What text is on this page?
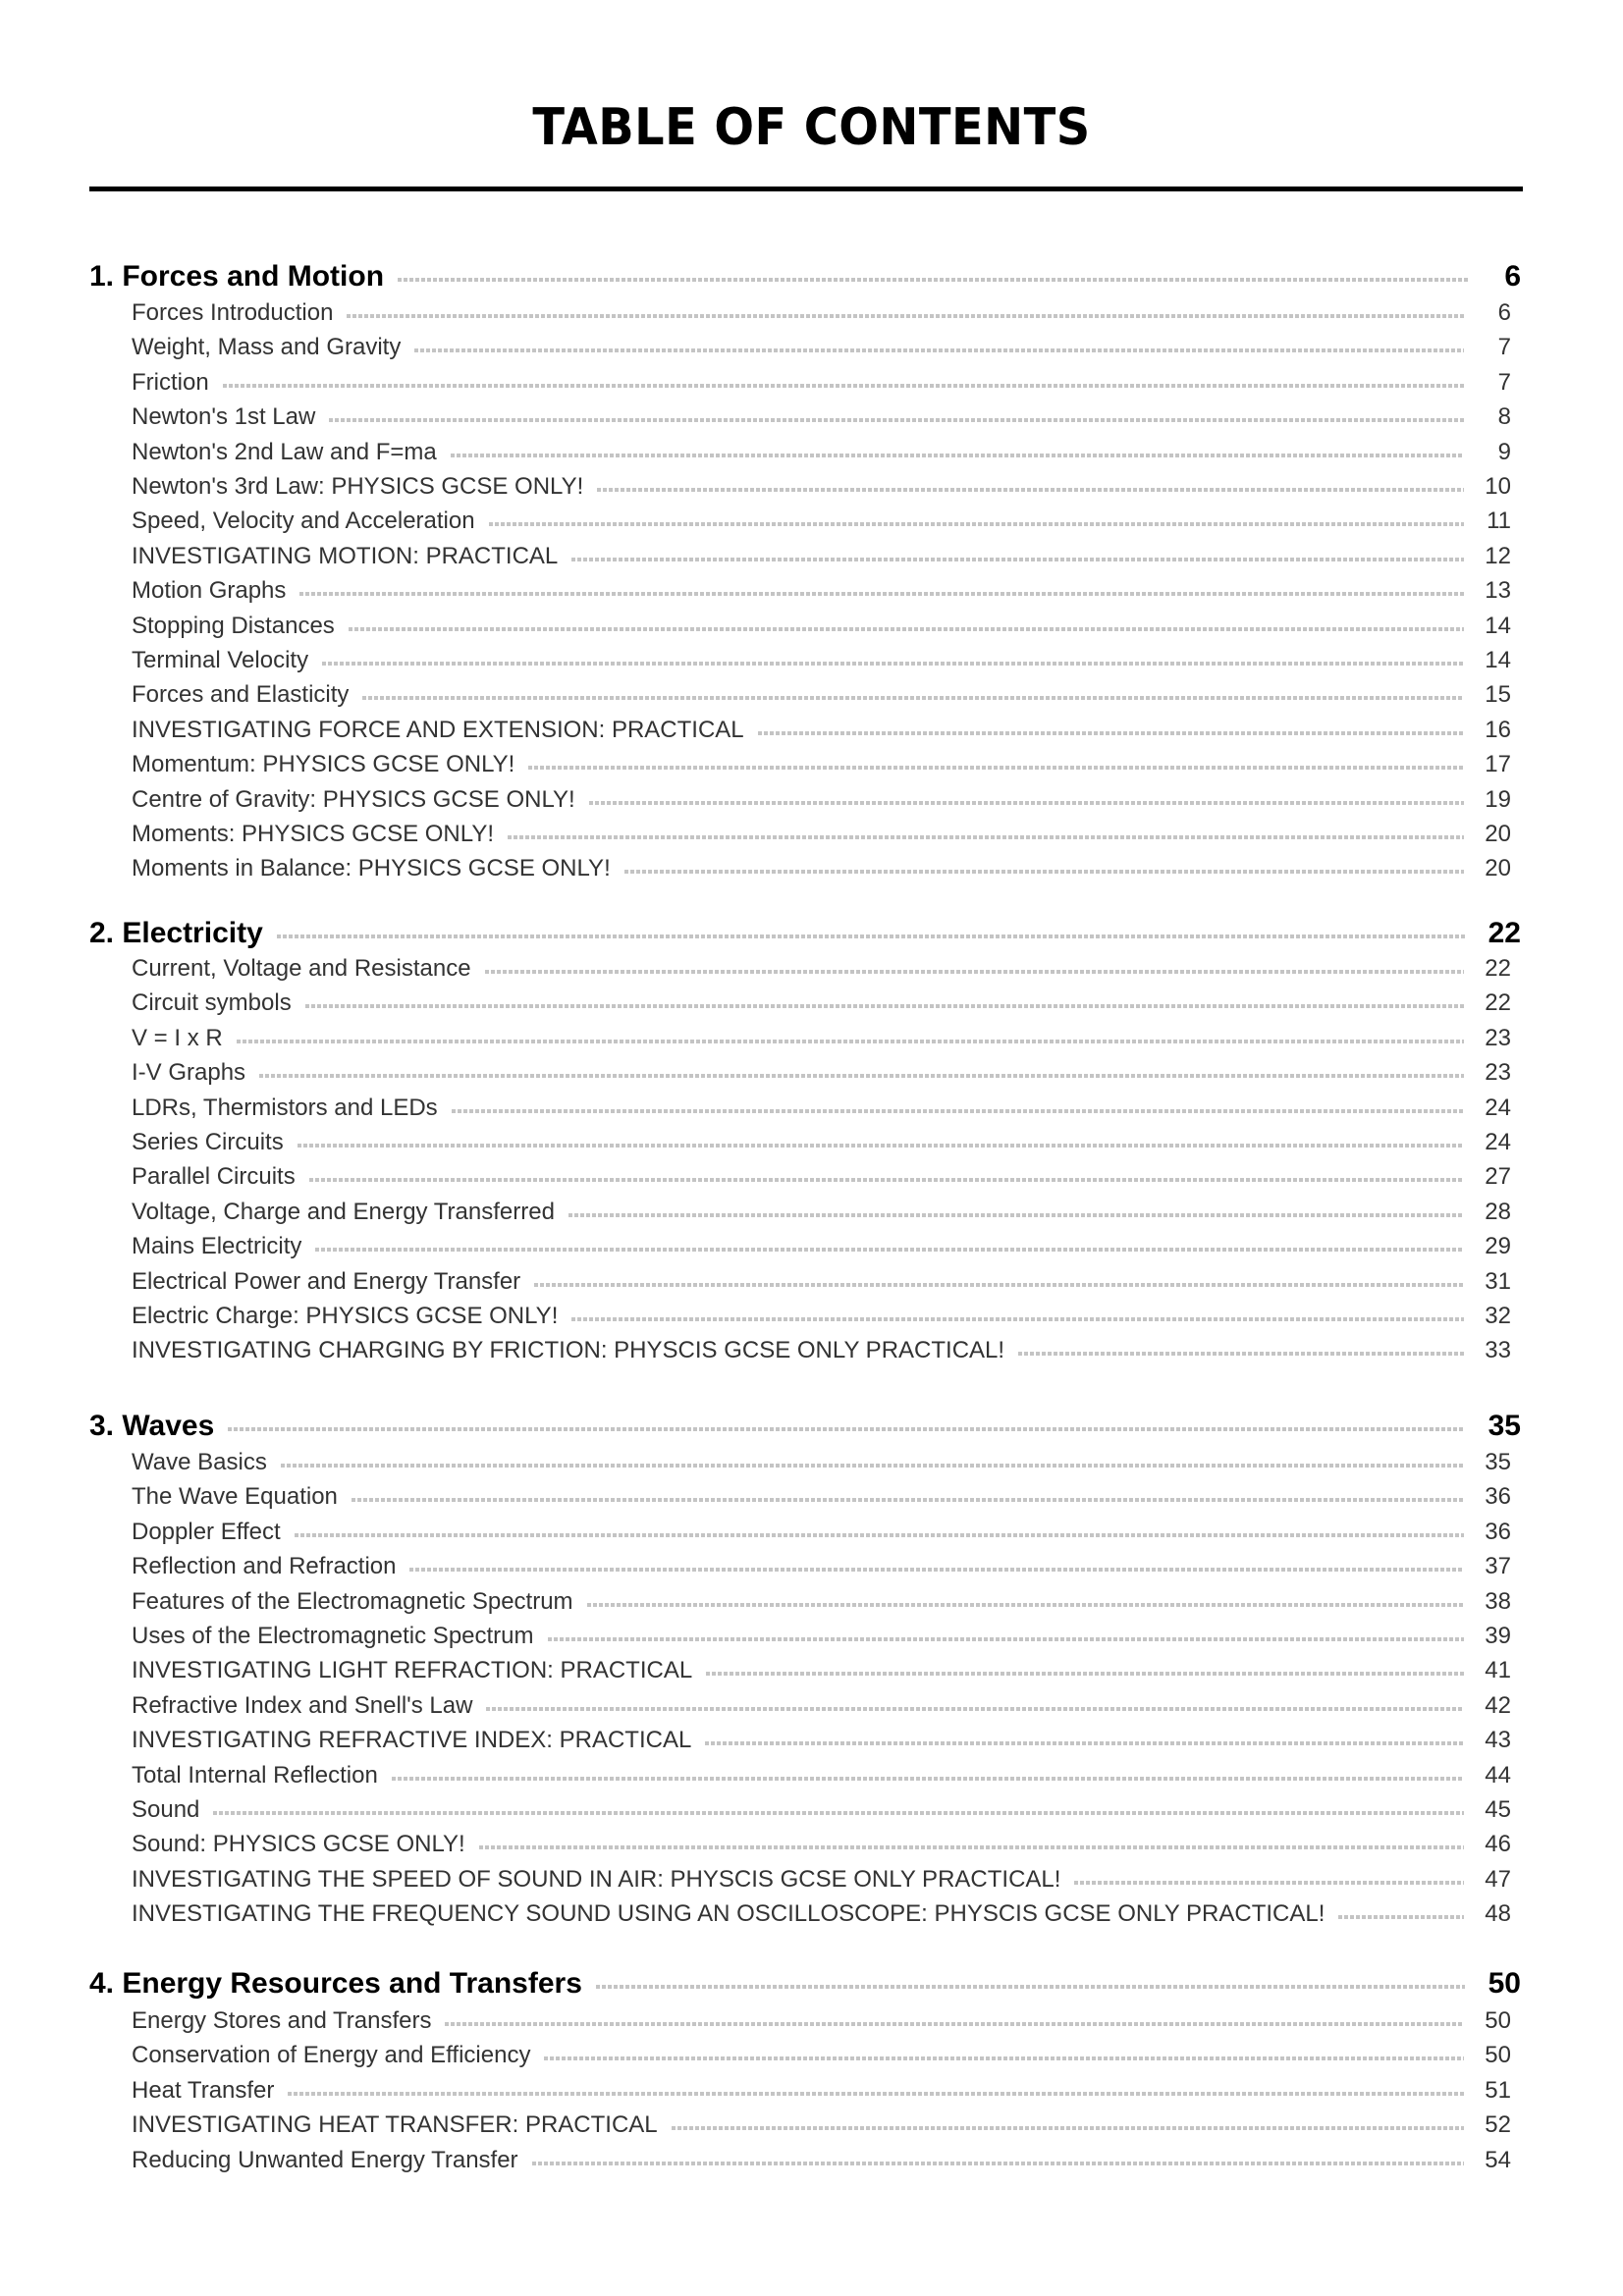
TABLE OF CONTENTS
1. Forces and Motion	6
Forces Introduction	6
Weight, Mass and Gravity	7
Friction	7
Newton's 1st Law	8
Newton's 2nd Law and F=ma	9
Newton's 3rd Law: PHYSICS GCSE ONLY!	10
Speed, Velocity and Acceleration	11
INVESTIGATING MOTION: PRACTICAL	12
Motion Graphs	13
Stopping Distances	14
Terminal Velocity	14
Forces and Elasticity	15
INVESTIGATING FORCE AND EXTENSION: PRACTICAL	16
Momentum: PHYSICS GCSE ONLY!	17
Centre of Gravity: PHYSICS GCSE ONLY!	19
Moments: PHYSICS GCSE ONLY!	20
Moments in Balance: PHYSICS GCSE ONLY!	20
2. Electricity	22
Current, Voltage and Resistance	22
Circuit symbols	22
V = I x R	23
I-V Graphs	23
LDRs, Thermistors and LEDs	24
Series Circuits	24
Parallel Circuits	27
Voltage, Charge and Energy Transferred	28
Mains Electricity	29
Electrical Power and Energy Transfer	31
Electric Charge: PHYSICS GCSE ONLY!	32
INVESTIGATING CHARGING BY FRICTION: PHYSCIS GCSE ONLY PRACTICAL!	33
3. Waves	35
Wave Basics	35
The Wave Equation	36
Doppler Effect	36
Reflection and Refraction	37
Features of the Electromagnetic Spectrum	38
Uses of the Electromagnetic Spectrum	39
INVESTIGATING LIGHT REFRACTION: PRACTICAL	41
Refractive Index and Snell's Law	42
INVESTIGATING REFRACTIVE INDEX: PRACTICAL	43
Total Internal Reflection	44
Sound	45
Sound: PHYSICS GCSE ONLY!	46
INVESTIGATING THE SPEED OF SOUND IN AIR: PHYSCIS GCSE ONLY PRACTICAL!	47
INVESTIGATING THE FREQUENCY SOUND USING AN OSCILLOSCOPE: PHYSCIS GCSE ONLY PRACTICAL!	48
4. Energy Resources and Transfers	50
Energy Stores and Transfers	50
Conservation of Energy and Efficiency	50
Heat Transfer	51
INVESTIGATING HEAT TRANSFER: PRACTICAL	52
Reducing Unwanted Energy Transfer	54
